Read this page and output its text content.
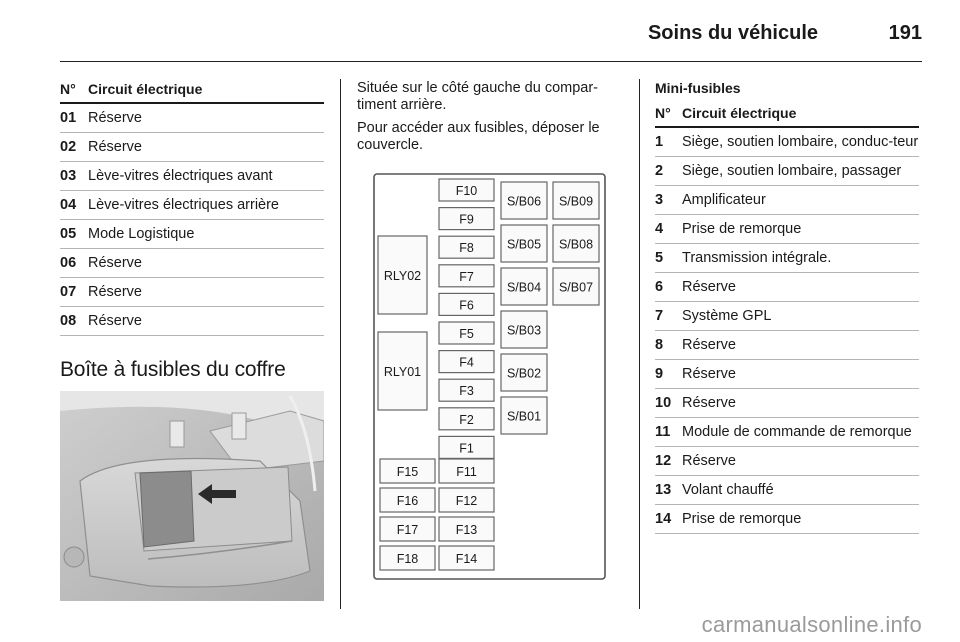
Soins du véhicule	191
N° Circuit électrique
01 Réserve
02 Réserve
03 Lève-vitres électriques avant
04 Lève-vitres électriques arrière
05 Mode Logistique
06 Réserve
07 Réserve
08 Réserve
Boîte à fusibles du coffre

Située sur le côté gauche du compar-timent arrière.

Pour accéder aux fusibles, déposer le couvercle.

F10
F9
F8
F7
F6
F5
F4
F3
F2
F1
RLY02
RLY01
S/B06
S/B05
S/B04
S/B03
S/B02
S/B01
S/B09
S/B08
S/B07
F15
F16
F17
F18
F11
F12
F13
F14
Mini-fusibles
N° Circuit électrique
1	Siège, soutien lombaire, conduc-teur
2	Siège, soutien lombaire, passager
3	Amplificateur
4	Prise de remorque
5	Transmission intégrale.
6	Réserve
7	Système GPL
8	Réserve
9	Réserve
10 Réserve
11 Module de commande de remorque
12 Réserve
13 Volant chauffé
14 Prise de remorque
carmanualsonline.info
